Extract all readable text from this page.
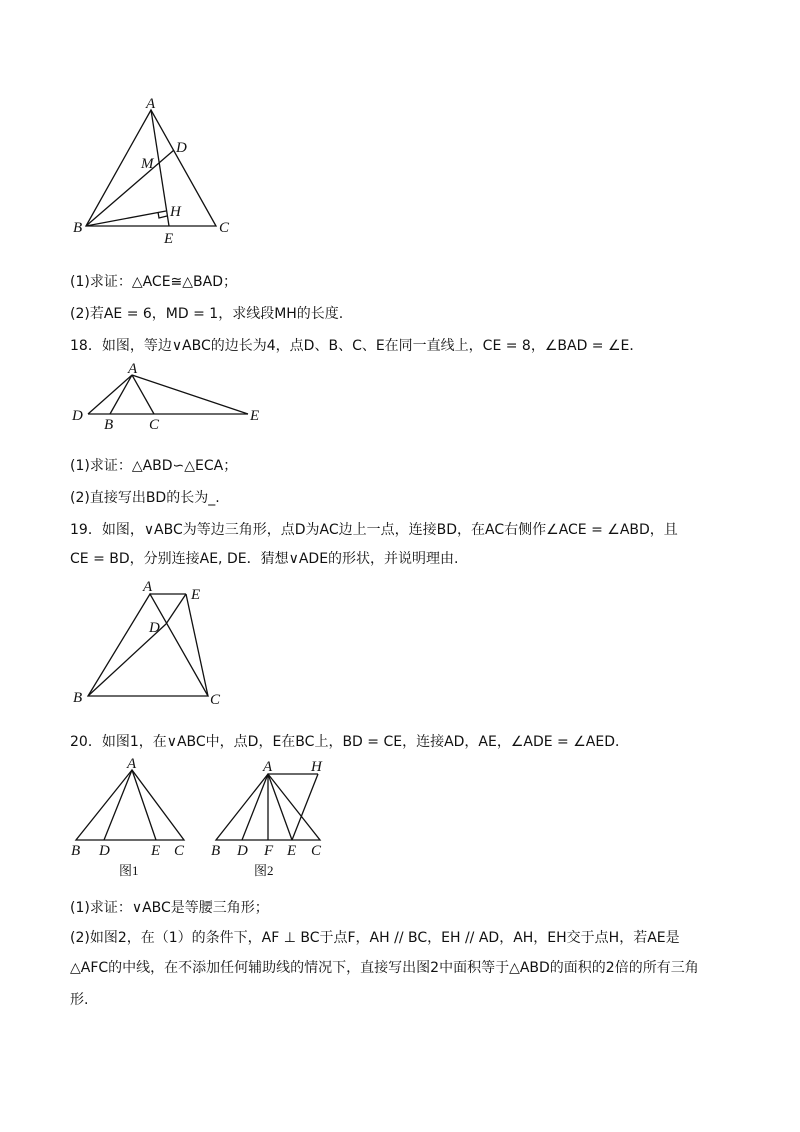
A
B	C
D
E
H
M
(1)求证：△ACE≅△BAD；
(2)若AE = 6，MD = 1，求线段MH的长度.
18．如图，等边∨ABC的边长为4，点D、B、C、E在同一直线上，CE = 8，∠BAD = ∠E．
A
D
B C
E
(1)求证：△ABD∽△ECA；
(2)直接写出BD的长为_.
19．如图，∨ABC为等边三角形，点D为AC边上一点，连接BD，在AC右侧作∠ACE = ∠ABD，且
CE = BD，分别连接AE, DE．猜想∨ADE的形状，并说明理由.
A
B	C
D
E
20．如图1，在∨ABC中，点D，E在BC上，BD = CE，连接AD，AE，∠ADE = ∠AED．
A
B D	E C
图1
A	H
B D F E C
图2
(1)求证：∨ABC是等腰三角形；
(2)如图2，在（1）的条件下，AF ⊥ BC于点F，AH // BC，EH // AD，AH，EH交于点H，若AE是
△AFC的中线，在不添加任何辅助线的情况下，直接写出图2中面积等于△ABD的面积的2倍的所有三角
形.
